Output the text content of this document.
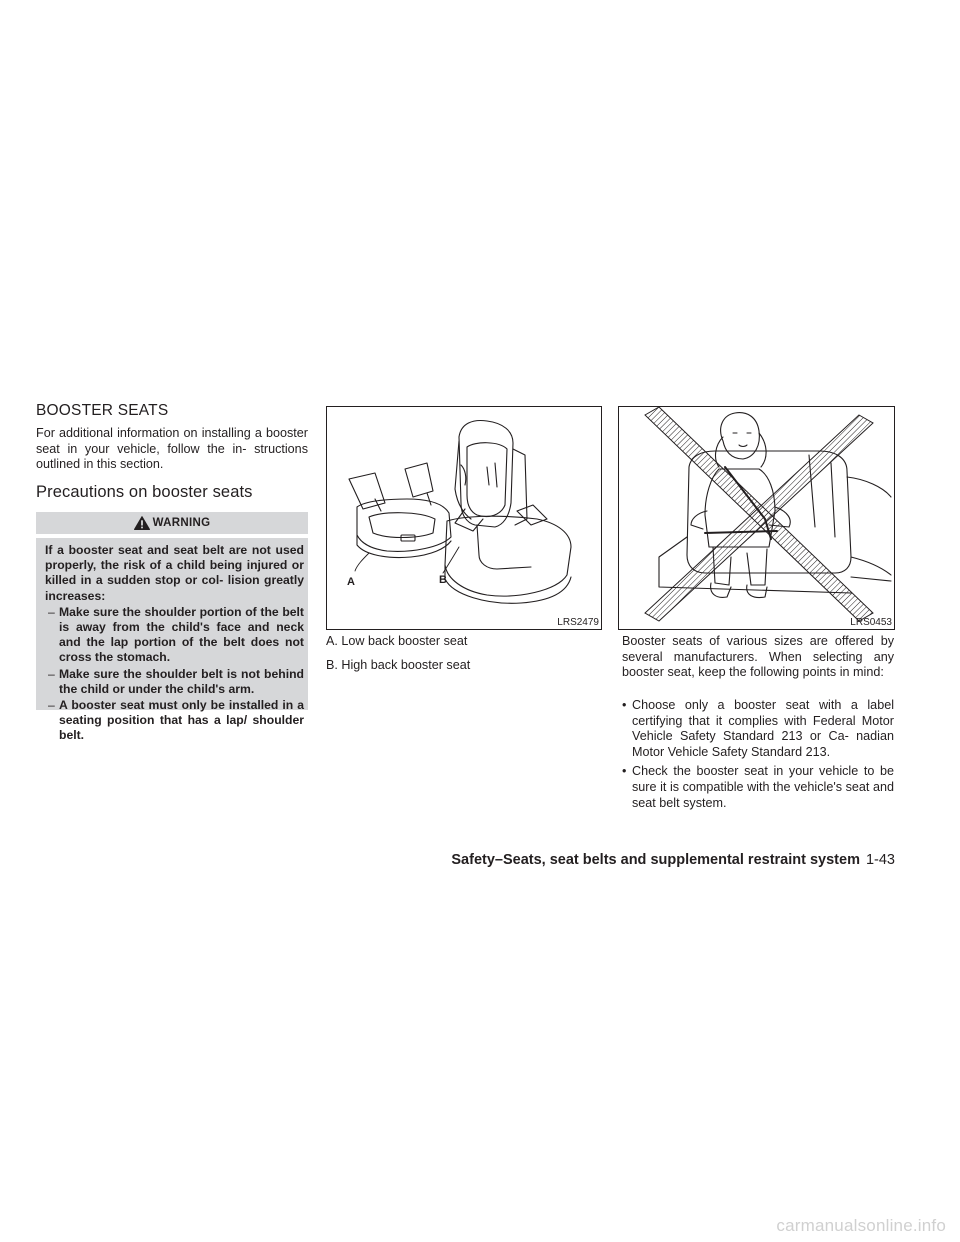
BOOSTER SEATS
For additional information on installing a booster seat in your vehicle, follow the in- structions outlined in this section.
Precautions on booster seats
WARNING
If a booster seat and seat belt are not used properly, the risk of a child being injured or killed in a sudden stop or col- lision greatly increases:
– Make sure the shoulder portion of the belt is away from the child's face and neck and the lap portion of the belt does not cross the stomach.
– Make sure the shoulder belt is not behind the child or under the child's arm.
– A booster seat must only be installed in a seating position that has a lap/ shoulder belt.
A	B
LRS2479
A. Low back booster seat
B. High back booster seat
LRS0453
Booster seats of various sizes are offered by several manufacturers. When selecting any booster seat, keep the following points in mind:
• Choose only a booster seat with a label certifying that it complies with Federal Motor Vehicle Safety Standard 213 or Ca- nadian Motor Vehicle Safety Standard 213.
• Check the booster seat in your vehicle to be sure it is compatible with the vehicle's seat and seat belt system.
Safety–Seats, seat belts and supplemental restraint system 1-43
carmanualsonline.info
